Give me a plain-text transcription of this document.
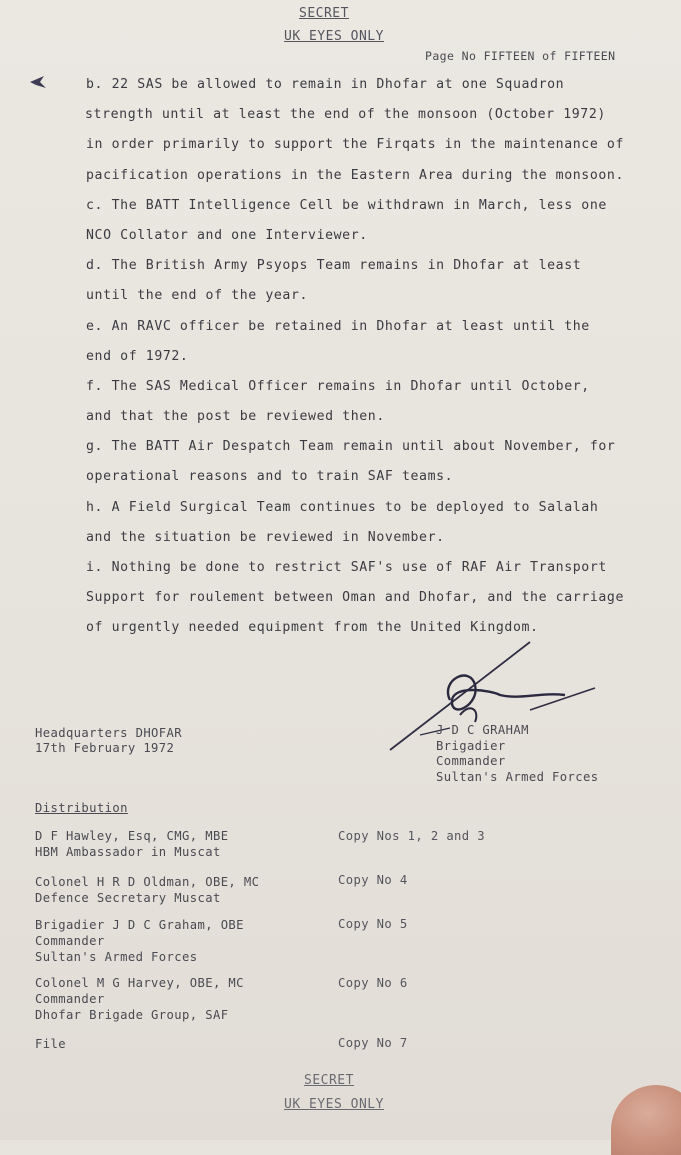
SECRET
UK EYES ONLY
Page No FIFTEEN of FIFTEEN
b. 22 SAS be allowed to remain in Dhofar at one Squadron
strength until at least the end of the monsoon (October 1972)
in order primarily to support the Firqats in the maintenance of
pacification operations in the Eastern Area during the monsoon.
c. The BATT Intelligence Cell be withdrawn in March, less one
NCO Collator and one Interviewer.
d. The British Army Psyops Team remains in Dhofar at least
until the end of the year.
e. An RAVC officer be retained in Dhofar at least until the
end of 1972.
f. The SAS Medical Officer remains in Dhofar until October,
and that the post be reviewed then.
g. The BATT Air Despatch Team remain until about November, for
operational reasons and to train SAF teams.
h. A Field Surgical Team continues to be deployed to Salalah
and the situation be reviewed in November.
i. Nothing be done to restrict SAF's use of RAF Air Transport
Support for roulement between Oman and Dhofar, and the carriage
of urgently needed equipment from the United Kingdom.
Headquarters DHOFAR
17th February 1972
J D C GRAHAM
Brigadier
Commander
Sultan's Armed Forces
Distribution
D F Hawley, Esq, CMG, MBE
HBM Ambassador in Muscat
Copy Nos 1, 2 and 3
Colonel H R D Oldman, OBE, MC
Defence Secretary Muscat
Copy No 4
Brigadier J D C Graham, OBE
Commander
Sultan's Armed Forces
Copy No 5
Colonel M G Harvey, OBE, MC
Commander
Dhofar Brigade Group, SAF
Copy No 6
File	Copy No 7
SECRET
UK EYES ONLY
